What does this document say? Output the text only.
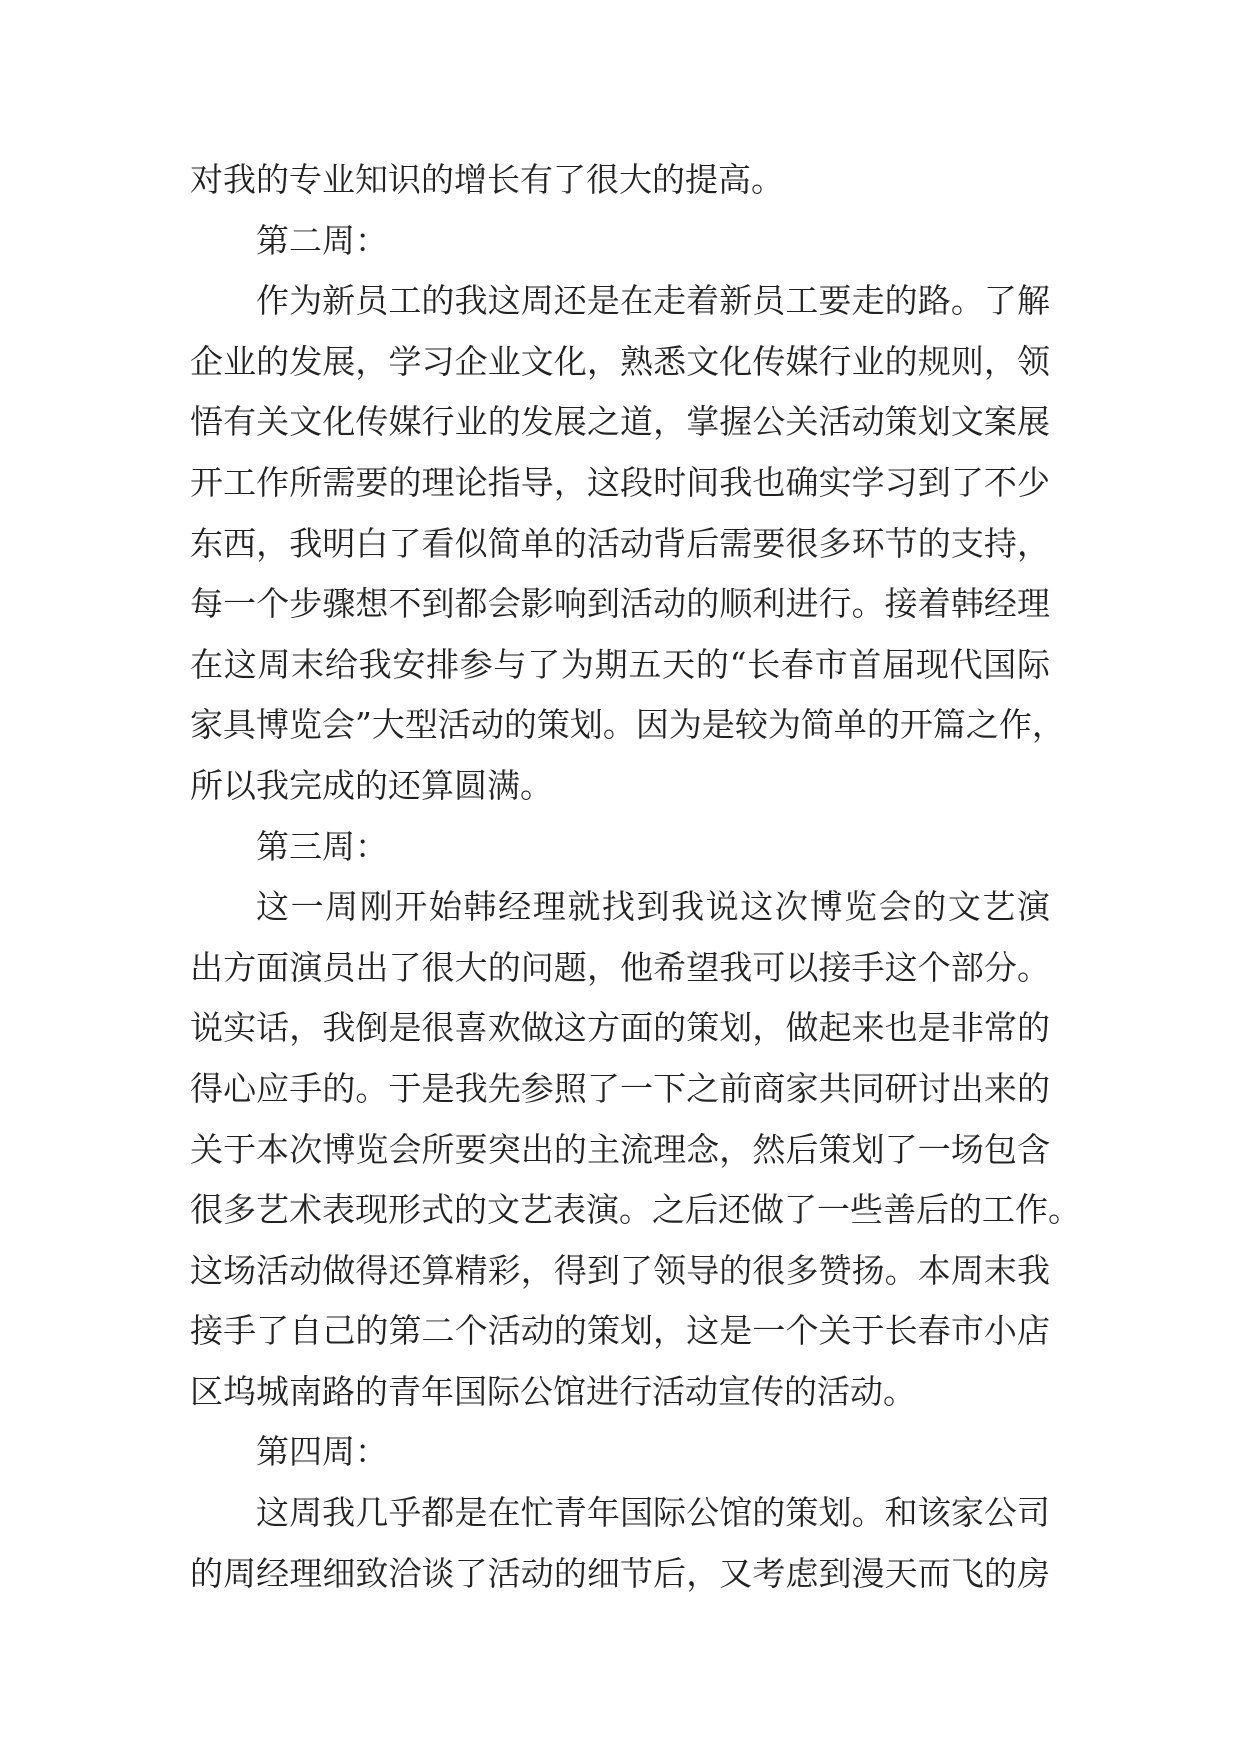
对我的专业知识的增长有了很大的提高。
第二周：
作为新员工的我这周还是在走着新员工要走的路。了解
企业的发展，学习企业文化，熟悉文化传媒行业的规则，领
悟有关文化传媒行业的发展之道，掌握公关活动策划文案展
开工作所需要的理论指导，这段时间我也确实学习到了不少
东西，我明白了看似简单的活动背后需要很多环节的支持，
每一个步骤想不到都会影响到活动的顺利进行。接着韩经理
在这周末给我安排参与了为期五天的“长春市首届现代国际
家具博览会”大型活动的策划。因为是较为简单的开篇之作，
所以我完成的还算圆满。
第三周：
这一周刚开始韩经理就找到我说这次博览会的文艺演
出方面演员出了很大的问题，他希望我可以接手这个部分。
说实话，我倒是很喜欢做这方面的策划，做起来也是非常的
得心应手的。于是我先参照了一下之前商家共同研讨出来的
关于本次博览会所要突出的主流理念，然后策划了一场包含
很多艺术表现形式的文艺表演。之后还做了一些善后的工作。
这场活动做得还算精彩，得到了领导的很多赞扬。本周末我
接手了自己的第二个活动的策划，这是一个关于长春市小店
区坞城南路的青年国际公馆进行活动宣传的活动。
第四周：
这周我几乎都是在忙青年国际公馆的策划。和该家公司
的周经理细致洽谈了活动的细节后，又考虑到漫天而飞的房
